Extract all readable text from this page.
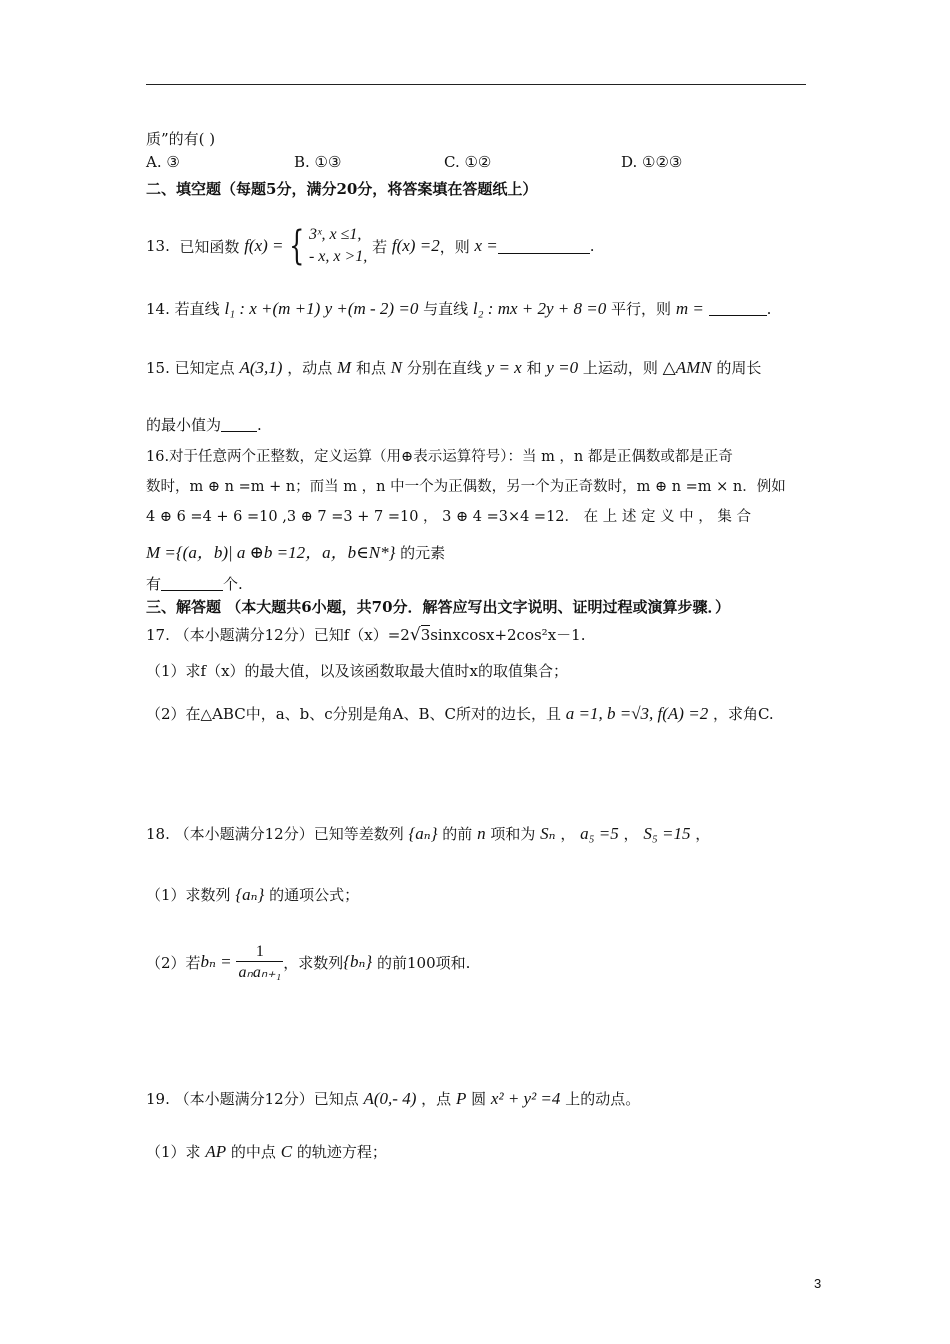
质”的有( )
A. ③	B. ①③	C. ①②	D. ①②③
二、填空题（每题5分，满分20分，将答案填在答题纸上）
13.
已知函数
f(x) = { 3ˣ, x ≤1,
- x, x >1,

若
f(x) =2 ，则
x =	.
14. 若直线 l₁ : x +(m +1) y +(m - 2) =0 与直线 l₂ : mx + 2y + 8 =0 平行，则 m =	.
15. 已知定点 A(3,1) ，动点 M 和点 N 分别在直线 y = x 和 y =0 上运动，则 △AMN 的周长
的最小值为 .
16.对于任意两个正整数，定义运算（用⊕表示运算符号）：当 m ，n 都是正偶数或都是正奇
数时，m ⊕ n =m + n；而当 m ，n 中一个为正偶数，另一个为正奇数时，m ⊕ n =m × n．例如
4 ⊕ 6 =4 + 6 =10 ,3 ⊕ 7 =3 + 7 =10 ， 3 ⊕ 4 =3×4 =12． 在 上 述 定 义 中 ， 集 合
M ={(a，b)| a ⊕b =12，a，b∈N*} 的元素
有	个.
三、解答题 （本大题共6小题，共70分．解答应写出文字说明、证明过程或演算步骤．）
17. （本小题满分12分）已知f（x）=2√3sinxcosx+2cos²x－1.
（1）求f（x）的最大值，以及该函数取最大值时x的取值集合；
（2）在△ABC中，a、b、c分别是角A、B、C所对的边长，且 a =1, b =√3, f(A) =2 ，求角C.
18. （本小题满分12分）已知等差数列 {aₙ} 的前 n 项和为 Sₙ ， a₅ =5 ， S₅ =15 ，
（1）求数列 {aₙ} 的通项公式；
（2）若 bₙ =
$\frac{1}{\text{aₙaₙ₊₁}}$ ，求数列 {bₙ}
的前100项和.
19. （本小题满分12分）已知点 A(0,- 4) ，点 P 圆 x² + y² =4 上的动点。
（1）求 AP 的中点 C 的轨迹方程；
3
